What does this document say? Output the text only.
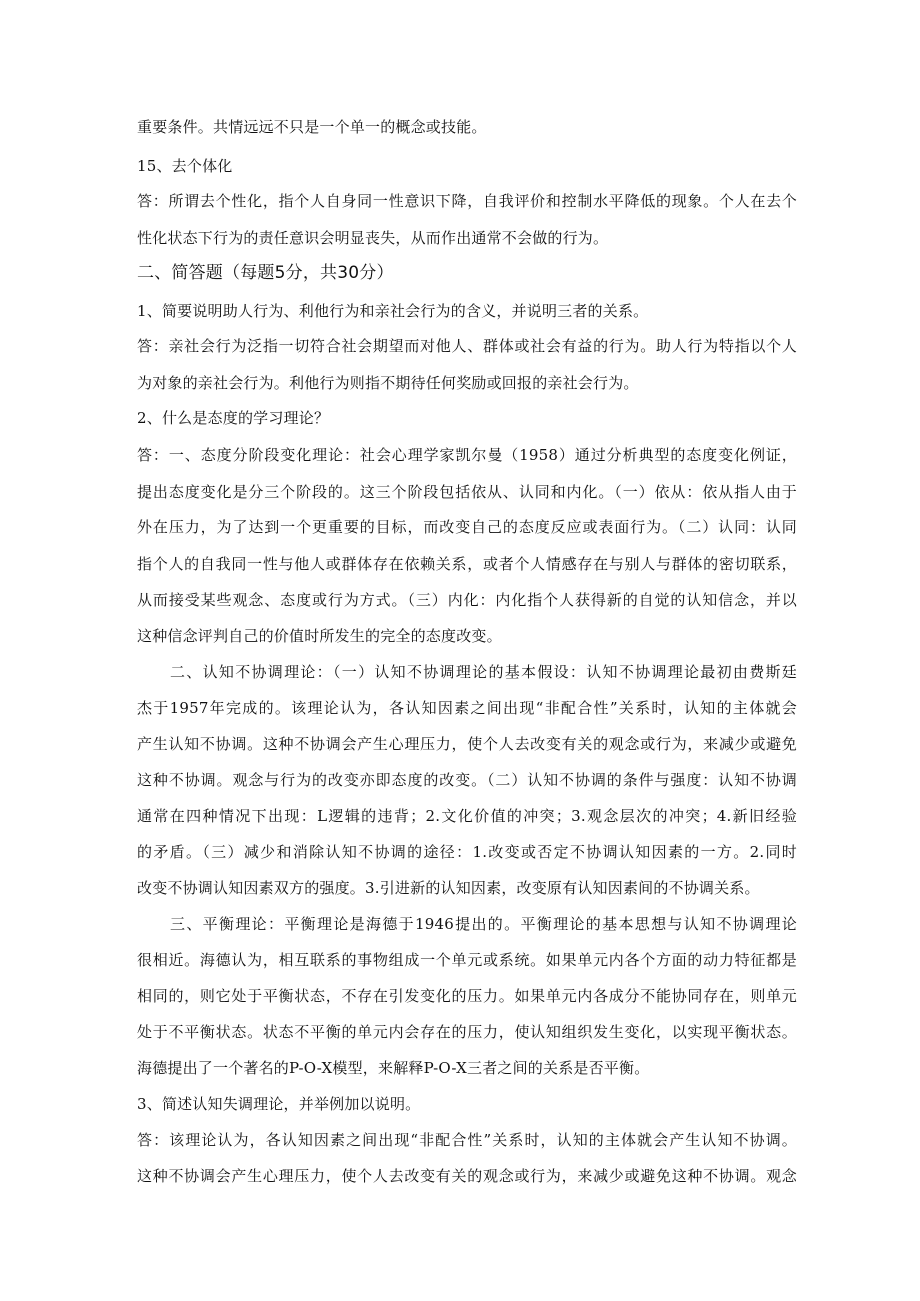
重要条件。共情远远不只是一个单一的概念或技能。
15、去个体化
答：所谓去个性化，指个人自身同一性意识下降，自我评价和控制水平降低的现象。个人在去个
性化状态下行为的责任意识会明显丧失，从而作出通常不会做的行为。
二、简答题（每题5分，共30分）
1、简要说明助人行为、利他行为和亲社会行为的含义，并说明三者的关系。
答：亲社会行为泛指一切符合社会期望而对他人、群体或社会有益的行为。助人行为特指以个人
为对象的亲社会行为。利他行为则指不期待任何奖励或回报的亲社会行为。
2、什么是态度的学习理论？
答：一、态度分阶段变化理论：社会心理学家凯尔曼（1958）通过分析典型的态度变化例证，
提出态度变化是分三个阶段的。这三个阶段包括依从、认同和内化。（一）依从：依从指人由于
外在压力，为了达到一个更重要的目标，而改变自己的态度反应或表面行为。（二）认同：认同
指个人的自我同一性与他人或群体存在依赖关系，或者个人情感存在与别人与群体的密切联系，
从而接受某些观念、态度或行为方式。（三）内化：内化指个人获得新的自觉的认知信念，并以
这种信念评判自己的价值时所发生的完全的态度改变。
二、认知不协调理论：（一）认知不协调理论的基本假设：认知不协调理论最初由费斯廷
杰于1957年完成的。该理论认为，各认知因素之间出现“非配合性”关系时，认知的主体就会
产生认知不协调。这种不协调会产生心理压力，使个人去改变有关的观念或行为，来减少或避免
这种不协调。观念与行为的改变亦即态度的改变。（二）认知不协调的条件与强度：认知不协调
通常在四种情况下出现：L逻辑的违背；2.文化价值的冲突；3.观念层次的冲突；4.新旧经验
的矛盾。（三）减少和消除认知不协调的途径：1.改变或否定不协调认知因素的一方。2.同时
改变不协调认知因素双方的强度。3.引进新的认知因素，改变原有认知因素间的不协调关系。
三、平衡理论：平衡理论是海德于1946提出的。平衡理论的基本思想与认知不协调理论
很相近。海德认为，相互联系的事物组成一个单元或系统。如果单元内各个方面的动力特征都是
相同的，则它处于平衡状态，不存在引发变化的压力。如果单元内各成分不能协同存在，则单元
处于不平衡状态。状态不平衡的单元内会存在的压力，使认知组织发生变化，以实现平衡状态。
海德提出了一个著名的P-O-X模型，来解释P-O-X三者之间的关系是否平衡。
3、简述认知失调理论，并举例加以说明。
答：该理论认为，各认知因素之间出现“非配合性”关系时，认知的主体就会产生认知不协调。
这种不协调会产生心理压力，使个人去改变有关的观念或行为，来减少或避免这种不协调。观念
